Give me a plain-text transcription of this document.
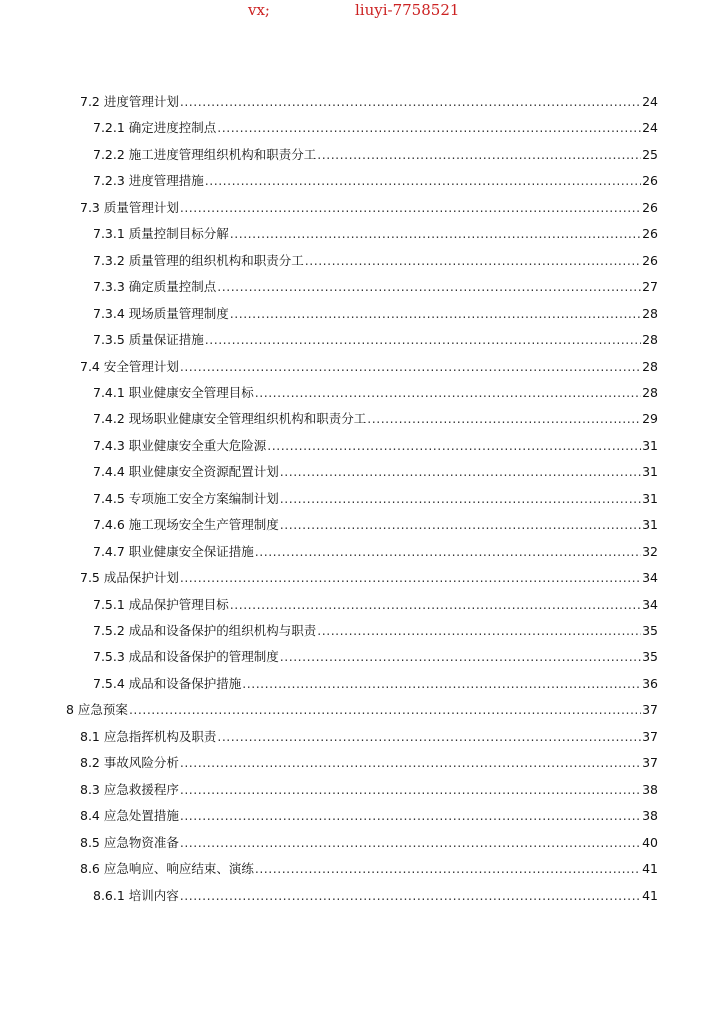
vx;	liuyi-7758521
7.2 进度管理计划 .....	24
7.2.1 确定进度控制点 .....	24
7.2.2 施工进度管理组织机构和职责分工 .....	25
7.2.3 进度管理措施 .....	26
7.3 质量管理计划 .....	26
7.3.1 质量控制目标分解 .....	26
7.3.2 质量管理的组织机构和职责分工 .....	26
7.3.3 确定质量控制点 .....	27
7.3.4 现场质量管理制度 .....	28
7.3.5 质量保证措施 .....	28
7.4 安全管理计划 .....	28
7.4.1 职业健康安全管理目标 .....	28
7.4.2 现场职业健康安全管理组织机构和职责分工 .....	29
7.4.3 职业健康安全重大危险源 .....	31
7.4.4 职业健康安全资源配置计划 .....	31
7.4.5 专项施工安全方案编制计划 .....	31
7.4.6 施工现场安全生产管理制度 .....	31
7.4.7 职业健康安全保证措施 .....	32
7.5 成品保护计划 .....	34
7.5.1 成品保护管理目标 .....	34
7.5.2 成品和设备保护的组织机构与职责 .....	35
7.5.3 成品和设备保护的管理制度 .....	35
7.5.4 成品和设备保护措施 .....	36
8 应急预案 .....	37
8.1 应急指挥机构及职责 .....	37
8.2 事故风险分析 .....	37
8.3 应急救援程序 .....	38
8.4 应急处置措施 .....	38
8.5 应急物资准备 .....	40
8.6 应急响应、响应结束、演练 .....	41
8.6.1 培训内容 .....	41
